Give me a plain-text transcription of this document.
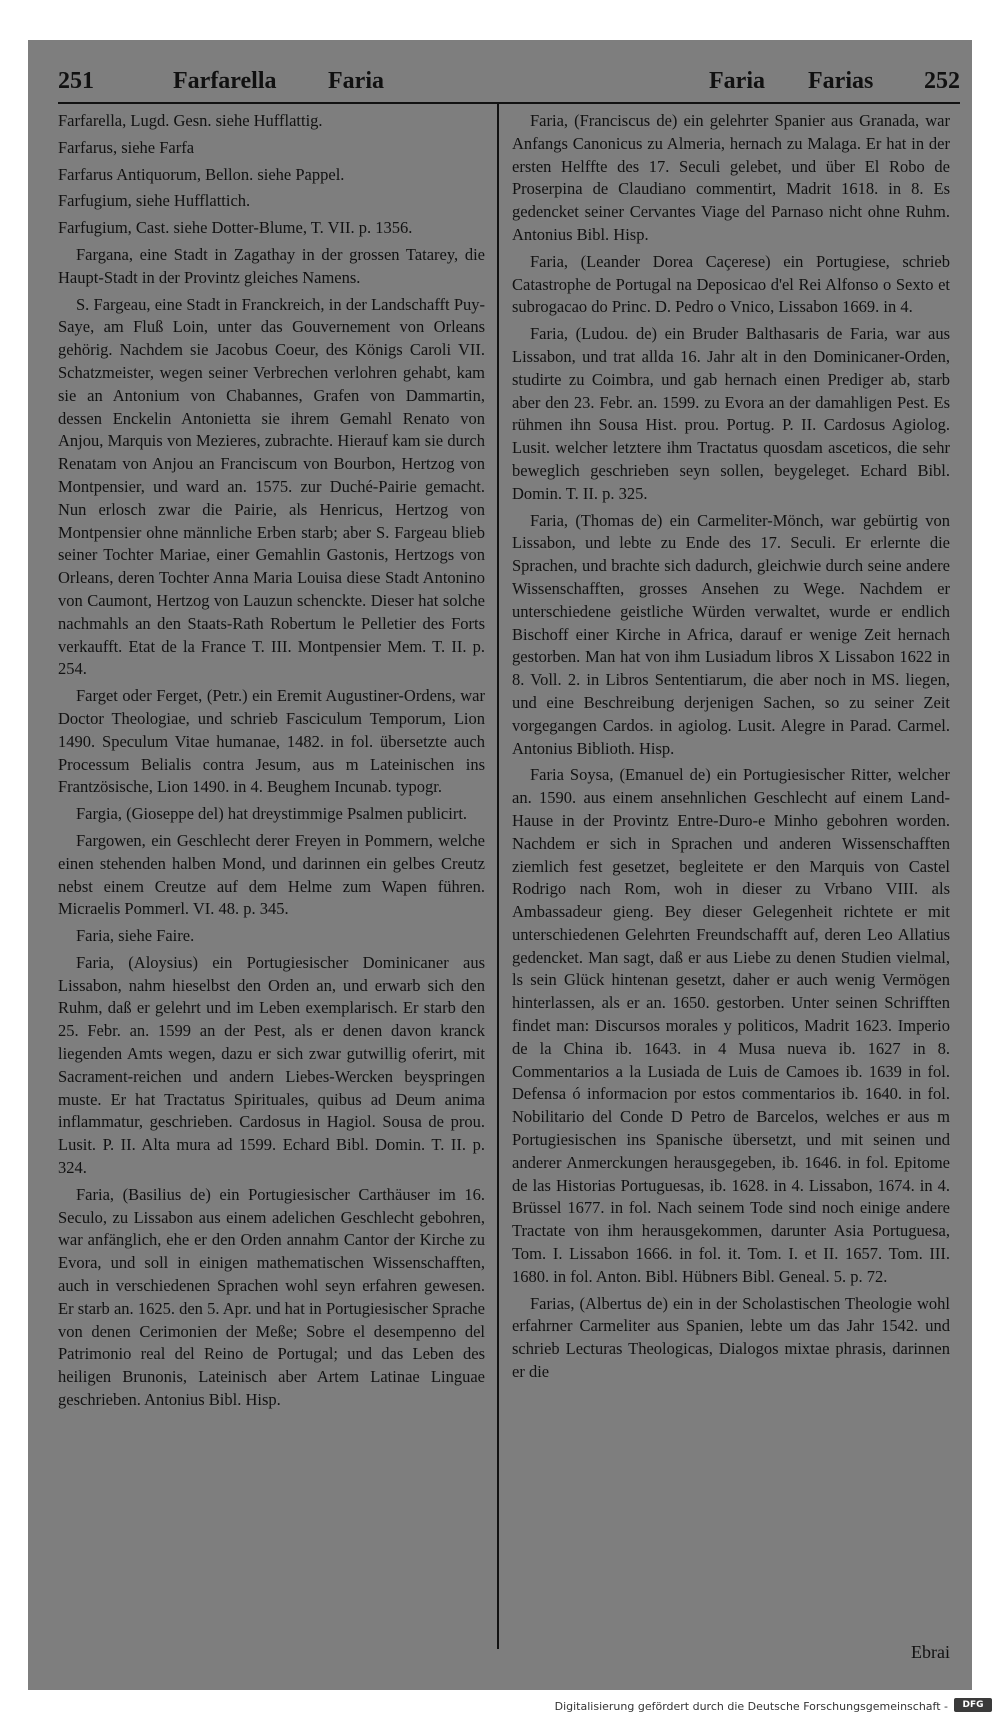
251	Farfarella Faria	Faria Farias 252

Farfarella, Lugd. Gesn. siehe Hufflattig.

Farfarus, siehe Farfa

Farfarus Antiquorum, Bellon. siehe Pappel.

Farfugium, siehe Hufflattich.

Farfugium, Cast. siehe Dotter-Blume, T. VII. p. 1356.

Fargana, eine Stadt in Zagathay in der grossen Tatarey, die Haupt-Stadt in der Provintz gleiches Namens.

S. Fargeau, eine Stadt in Franckreich, in der Landschafft Puy-Saye, am Fluß Loin, unter das Gouvernement von Orleans gehörig. Nachdem sie Jacobus Coeur, des Königs Caroli VII. Schatzmeister, wegen seiner Verbrechen verlohren gehabt, kam sie an Antonium von Chabannes, Grafen von Dammartin, dessen Enckelin Antonietta sie ihrem Gemahl Renato von Anjou, Marquis von Mezieres, zubrachte. Hierauf kam sie durch Renatam von Anjou an Franciscum von Bourbon, Hertzog von Montpensier, und ward an. 1575. zur Duché-Pairie gemacht. Nun erlosch zwar die Pairie, als Henricus, Hertzog von Montpensier ohne männliche Erben starb; aber S. Fargeau blieb seiner Tochter Mariae, einer Gemahlin Gastonis, Hertzogs von Orleans, deren Tochter Anna Maria Louisa diese Stadt Antonino von Caumont, Hertzog von Lauzun schenckte. Dieser hat solche nachmahls an den Staats-Rath Robertum le Pelletier des Forts verkaufft. Etat de la France T. III. Montpensier Mem. T. II. p. 254.

Farget oder Ferget, (Petr.) ein Eremit Augustiner-Ordens, war Doctor Theologiae, und schrieb Fasciculum Temporum, Lion 1490. Speculum Vitae humanae, 1482. in fol. übersetzte auch Processum Belialis contra Jesum, aus m Lateinischen ins Frantzösische, Lion 1490. in 4. Beughem Incunab. typogr.

Fargia, (Gioseppe del) hat dreystimmige Psalmen publicirt.

Fargowen, ein Geschlecht derer Freyen in Pommern, welche einen stehenden halben Mond, und darinnen ein gelbes Creutz nebst einem Creutze auf dem Helme zum Wapen führen. Micraelis Pommerl. VI. 48. p. 345.

Faria, siehe Faire.

Faria, (Aloysius) ein Portugiesischer Dominicaner aus Lissabon, nahm hieselbst den Orden an, und erwarb sich den Ruhm, daß er gelehrt und im Leben exemplarisch. Er starb den 25. Febr. an. 1599 an der Pest, als er denen davon kranck liegenden Amts wegen, dazu er sich zwar gutwillig oferirt, mit Sacrament-reichen und andern Liebes-Wercken beyspringen muste. Er hat Tractatus Spirituales, quibus ad Deum anima inflammatur, geschrieben. Cardosus in Hagiol. Sousa de prou. Lusit. P. II. Alta mura ad 1599. Echard Bibl. Domin. T. II. p. 324.

Faria, (Basilius de) ein Portugiesischer Carthäuser im 16. Seculo, zu Lissabon aus einem adelichen Geschlecht gebohren, war anfänglich, ehe er den Orden annahm Cantor der Kirche zu Evora, und soll in einigen mathematischen Wissenschafften, auch in verschiedenen Sprachen wohl seyn erfahren gewesen. Er starb an. 1625. den 5. Apr. und hat in Portugiesischer Sprache von denen Cerimonien der Meße; Sobre el desempenno del Patrimonio real del Reino de Portugal; und das Leben des heiligen Brunonis, Lateinisch aber Artem Latinae Linguae geschrieben. Antonius Bibl. Hisp.

Faria, (Franciscus de) ein gelehrter Spanier aus Granada, war Anfangs Canonicus zu Almeria, hernach zu Malaga. Er hat in der ersten Helffte des 17. Seculi gelebet, und über El Robo de Proserpina de Claudiano commentirt, Madrit 1618. in 8. Es gedencket seiner Cervantes Viage del Parnaso nicht ohne Ruhm. Antonius Bibl. Hisp.

Faria, (Leander Dorea Caçerese) ein Portugiese, schrieb Catastrophe de Portugal na Deposicao d'el Rei Alfonso o Sexto et subrogacao do Princ. D. Pedro o Vnico, Lissabon 1669. in 4.

Faria, (Ludou. de) ein Bruder Balthasaris de Faria, war aus Lissabon, und trat allda 16. Jahr alt in den Dominicaner-Orden, studirte zu Coimbra, und gab hernach einen Prediger ab, starb aber den 23. Febr. an. 1599. zu Evora an der damahligen Pest. Es rühmen ihn Sousa Hist. prou. Portug. P. II. Cardosus Agiolog. Lusit. welcher letztere ihm Tractatus quosdam asceticos, die sehr beweglich geschrieben seyn sollen, beygeleget. Echard Bibl. Domin. T. II. p. 325.

Faria, (Thomas de) ein Carmeliter-Mönch, war gebürtig von Lissabon, und lebte zu Ende des 17. Seculi. Er erlernte die Sprachen, und brachte sich dadurch, gleichwie durch seine andere Wissenschafften, grosses Ansehen zu Wege. Nachdem er unterschiedene geistliche Würden verwaltet, wurde er endlich Bischoff einer Kirche in Africa, darauf er wenige Zeit hernach gestorben. Man hat von ihm Lusiadum libros X Lissabon 1622 in 8. Voll. 2. in Libros Sententiarum, die aber noch in MS. liegen, und eine Beschreibung derjenigen Sachen, so zu seiner Zeit vorgegangen Cardos. in agiolog. Lusit. Alegre in Parad. Carmel. Antonius Biblioth. Hisp.

Faria Soysa, (Emanuel de) ein Portugiesischer Ritter, welcher an. 1590. aus einem ansehnlichen Geschlecht auf einem Land-Hause in der Provintz Entre-Duro-e Minho gebohren worden. Nachdem er sich in Sprachen und anderen Wissenschafften ziemlich fest gesetzet, begleitete er den Marquis von Castel Rodrigo nach Rom, woh in dieser zu Vrbano VIII. als Ambassadeur gieng. Bey dieser Gelegenheit richtete er mit unterschiedenen Gelehrten Freundschafft auf, deren Leo Allatius gedencket. Man sagt, daß er aus Liebe zu denen Studien vielmal, ls sein Glück hintenan gesetzt, daher er auch wenig Vermögen hinterlassen, als er an. 1650. gestorben. Unter seinen Schrifften findet man: Discursos morales y politicos, Madrit 1623. Imperio de la China ib. 1643. in 4 Musa nueva ib. 1627 in 8. Commentarios a la Lusiada de Luis de Camoes ib. 1639 in fol. Defensa ó informacion por estos commentarios ib. 1640. in fol. Nobilitario del Conde D Petro de Barcelos, welches er aus m Portugiesischen ins Spanische übersetzt, und mit seinen und anderer Anmerckungen herausgegeben, ib. 1646. in fol. Epitome de las Historias Portuguesas, ib. 1628. in 4. Lissabon, 1674. in 4. Brüssel 1677. in fol. Nach seinem Tode sind noch einige andere Tractate von ihm herausgekommen, darunter Asia Portuguesa, Tom. I. Lissabon 1666. in fol. it. Tom. I. et II. 1657. Tom. III. 1680. in fol. Anton. Bibl. Hübners Bibl. Geneal. 5. p. 72.

Farias, (Albertus de) ein in der Scholastischen Theologie wohl erfahrner Carmeliter aus Spanien, lebte um das Jahr 1542. und schrieb Lecturas Theologicas, Dialogos mixtae phrasis, darinnen er die

Ebrai
Digitalisierung gefördert durch die Deutsche Forschungsgemeinschaft -	DFG
